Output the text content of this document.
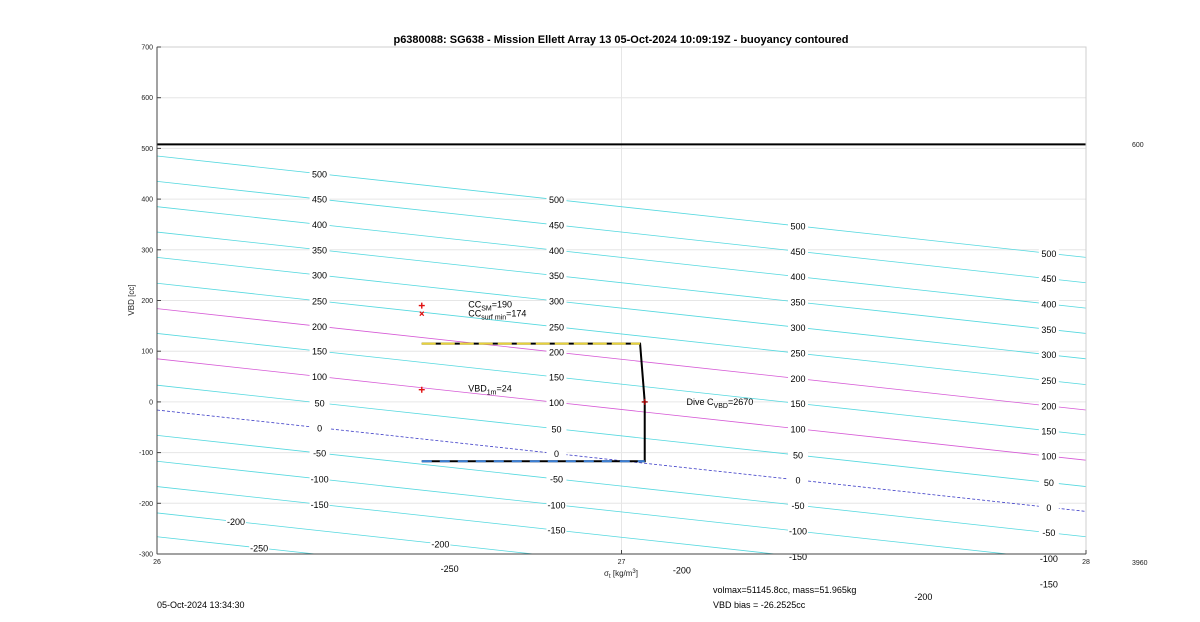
p6380088: SG638 - Mission Ellett Array 13 05-Oct-2024 10:09:19Z - buoyancy contoured
500
450
400
350
300
250
200
150
100
50
0
-50
-100
-150
-200
-250
500
450
400
350
300
250
200
150
100
50
0
-50
-100
-150
-200
-250	-200
500
450
400
350
300
250
200
150
100
50
0
-50
-100
-150
-200
500
450
400
350
300
250
200
150
100
50
0
-50
-100
-150
$CC_{SM}=190$
$CC_{surf min}=174$
$VBD_{1m}=24$
Dive $C_{VBD}=2670$
700
600
500
400
300
200
100
0
-100
-200
-300
26	27	28
VBD [cc]
$\sigma_t$ $[kg/m^3]$
600
3960
05-Oct-2024 13:34:30
volmax=51145.8cc, mass=51.965kg
VBD bias = -26.2525cc
